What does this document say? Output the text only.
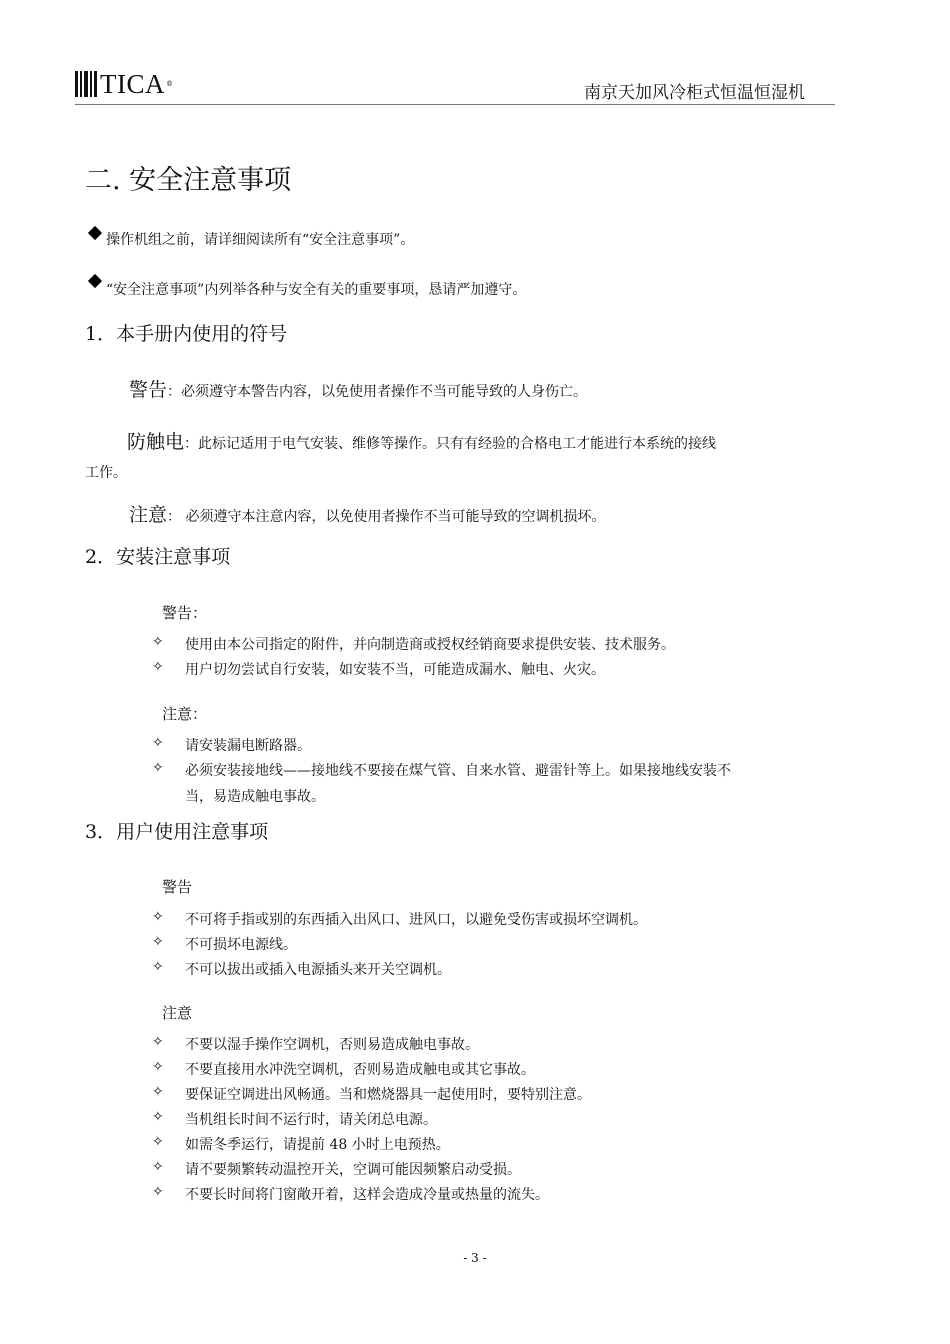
TICA ®	南京天加风冷柜式恒温恒湿机
二. 安全注意事项
操作机组之前，请详细阅读所有“安全注意事项”。
“安全注意事项”内列举各种与安全有关的重要事项，恳请严加遵守。
1．本手册内使用的符号
警告：必须遵守本警告内容，以免使用者操作不当可能导致的人身伤亡。
防触电：此标记适用于电气安装、维修等操作。只有有经验的合格电工才能进行本系统的接线
工作。
注意： 必须遵守本注意内容，以免使用者操作不当可能导致的空调机损坏。
2．安装注意事项
警告：
✧	使用由本公司指定的附件，并向制造商或授权经销商要求提供安装、技术服务。
✧	用户切勿尝试自行安装，如安装不当，可能造成漏水、触电、火灾。
注意：
✧	请安装漏电断路器。
✧	必须安装接地线——接地线不要接在煤气管、自来水管、避雷针等上。如果接地线安装不
当，易造成触电事故。
3．用户使用注意事项
警告
✧	不可将手指或别的东西插入出风口、进风口，以避免受伤害或损坏空调机。
✧	不可损坏电源线。
✧	不可以拔出或插入电源插头来开关空调机。
注意
✧	不要以湿手操作空调机，否则易造成触电事故。
✧	不要直接用水冲洗空调机，否则易造成触电或其它事故。
✧	要保证空调进出风畅通。当和燃烧器具一起使用时，要特别注意。
✧	当机组长时间不运行时，请关闭总电源。
✧	如需冬季运行，请提前 48 小时上电预热。
✧	请不要频繁转动温控开关，空调可能因频繁启动受损。
✧	不要长时间将门窗敞开着，这样会造成冷量或热量的流失。
- 3 -
